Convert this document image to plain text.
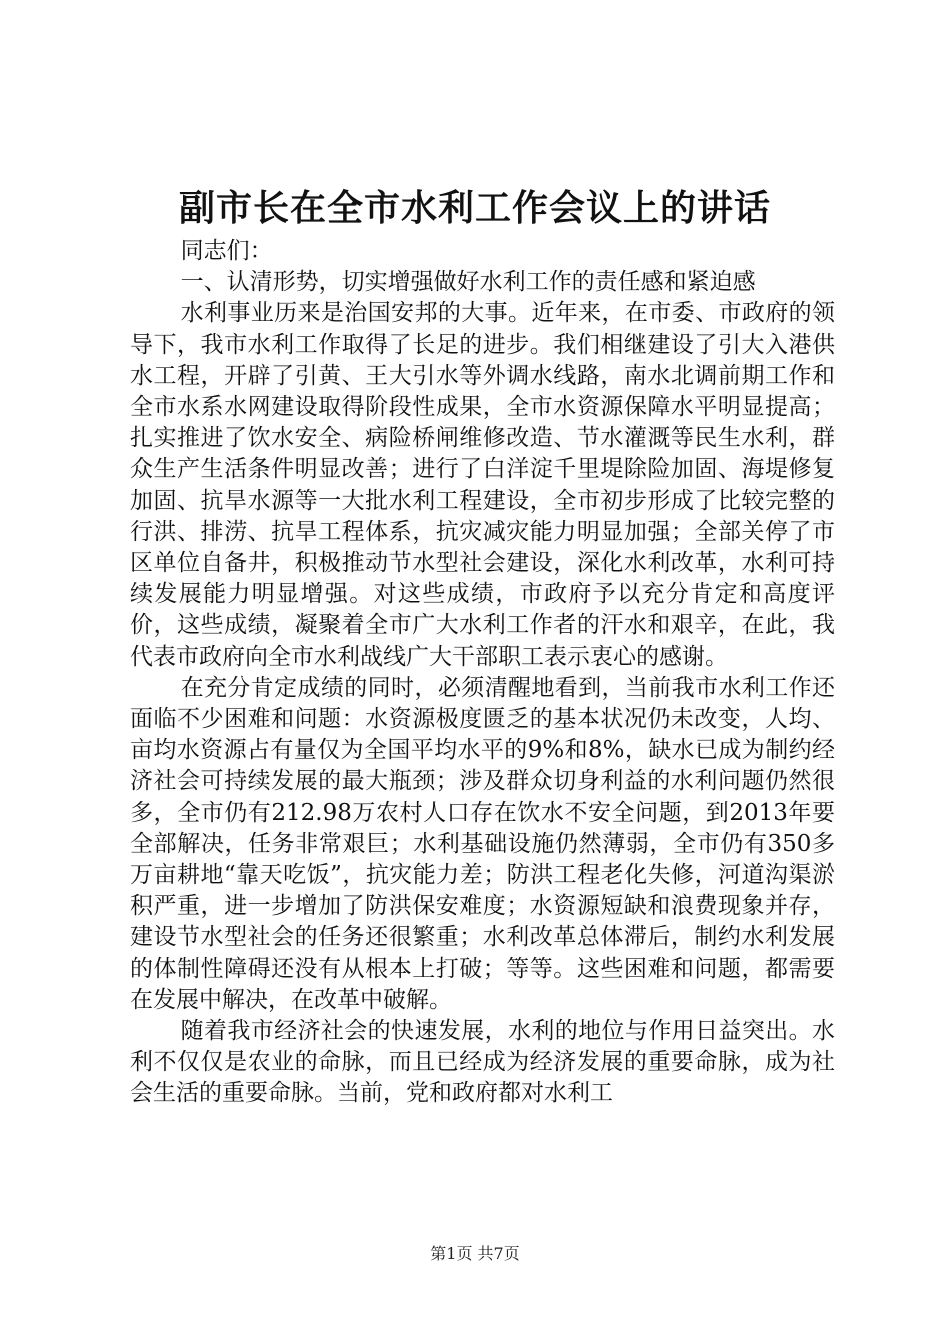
副市长在全市水利工作会议上的讲话

同志们：

一、认清形势，切实增强做好水利工作的责任感和紧迫感

水利事业历来是治国安邦的大事。近年来，在市委、市政府的领导下，我市水利工作取得了长足的进步。我们相继建设了引大入港供水工程，开辟了引黄、王大引水等外调水线路，南水北调前期工作和全市水系水网建设取得阶段性成果，全市水资源保障水平明显提高；扎实推进了饮水安全、病险桥闸维修改造、节水灌溉等民生水利，群众生产生活条件明显改善；进行了白洋淀千里堤除险加固、海堤修复加固、抗旱水源等一大批水利工程建设，全市初步形成了比较完整的行洪、排涝、抗旱工程体系，抗灾减灾能力明显加强；全部关停了市区单位自备井，积极推动节水型社会建设，深化水利改革，水利可持续发展能力明显增强。对这些成绩，市政府予以充分肯定和高度评价，这些成绩，凝聚着全市广大水利工作者的汗水和艰辛，在此，我代表市政府向全市水利战线广大干部职工表示衷心的感谢。

在充分肯定成绩的同时，必须清醒地看到，当前我市水利工作还面临不少困难和问题：水资源极度匮乏的基本状况仍未改变，人均、亩均水资源占有量仅为全国平均水平的9%和8%，缺水已成为制约经济社会可持续发展的最大瓶颈；涉及群众切身利益的水利问题仍然很多，全市仍有212.98万农村人口存在饮水不安全问题，到2013年要全部解决，任务非常艰巨；水利基础设施仍然薄弱，全市仍有350多万亩耕地“靠天吃饭”，抗灾能力差；防洪工程老化失修，河道沟渠淤积严重，进一步增加了防洪保安难度；水资源短缺和浪费现象并存，建设节水型社会的任务还很繁重；水利改革总体滞后，制约水利发展的体制性障碍还没有从根本上打破；等等。这些困难和问题，都需要在发展中解决，在改革中破解。

随着我市经济社会的快速发展，水利的地位与作用日益突出。水利不仅仅是农业的命脉，而且已经成为经济发展的重要命脉，成为社会生活的重要命脉。当前，党和政府都对水利工

第1页 共7页
